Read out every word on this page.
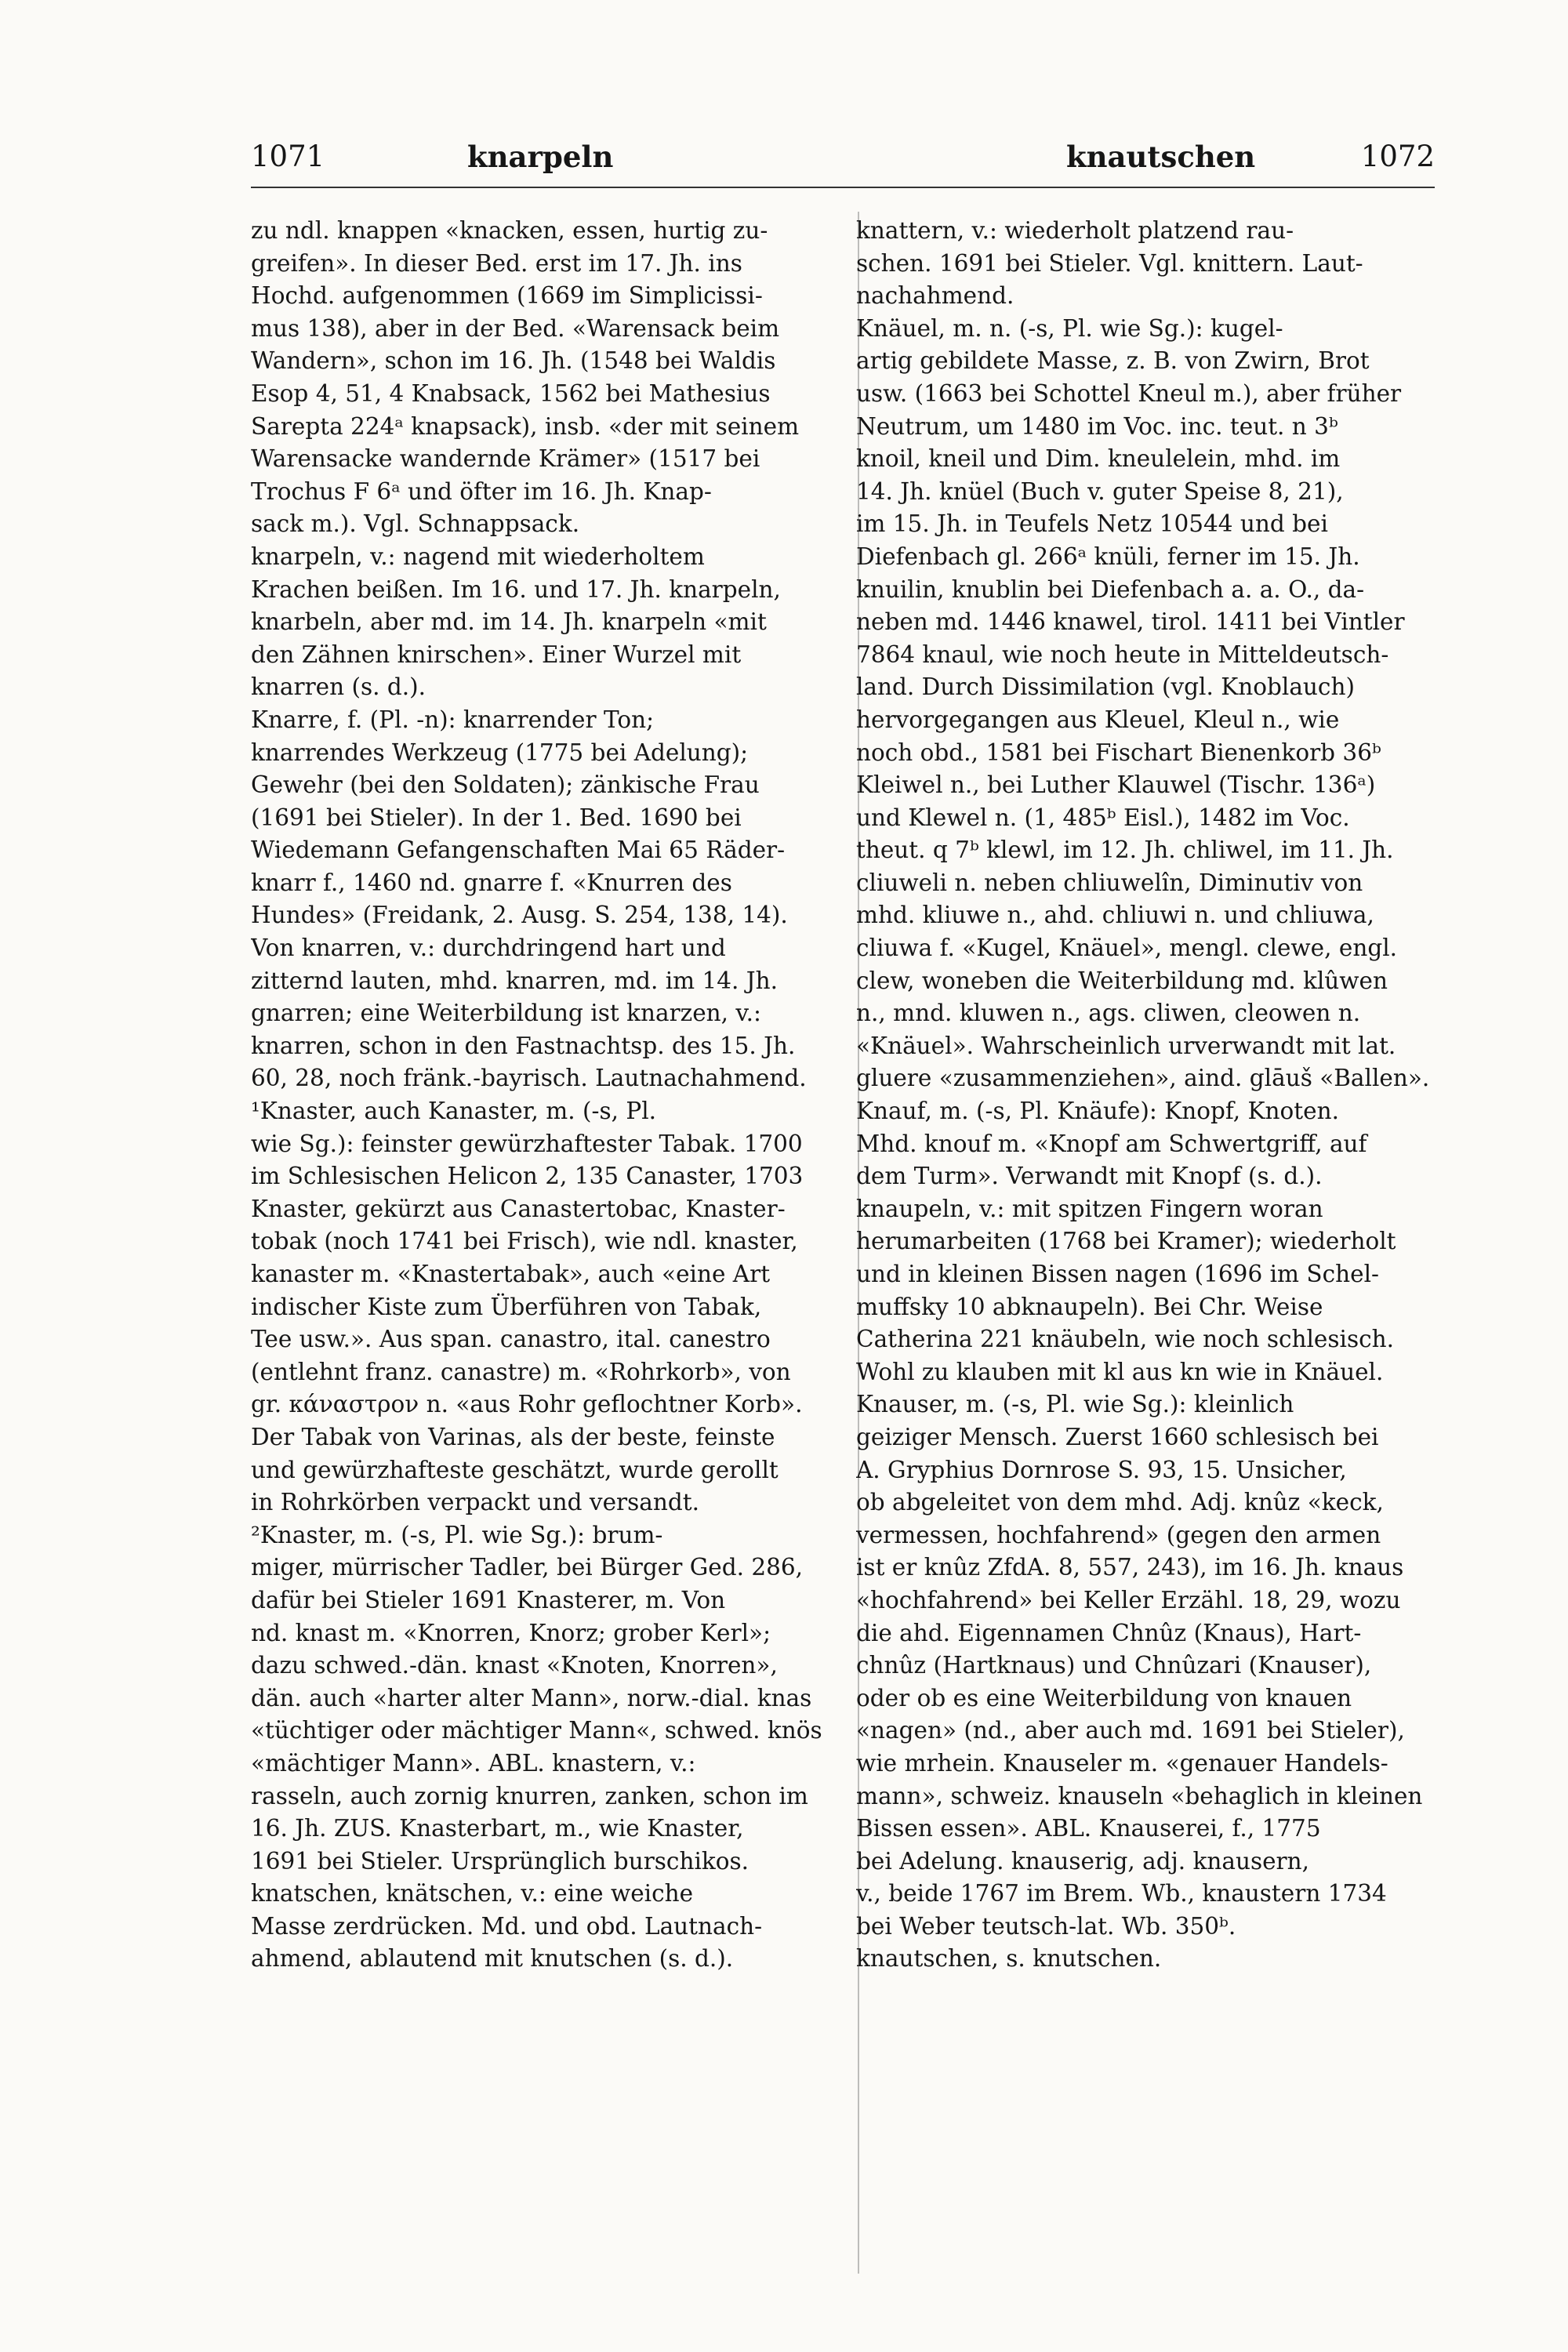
1071	knarpeln	knautschen	1072
zu ndl. knappen «knacken, essen, hurtig zu-
greifen». In dieser Bed. erst im 17. Jh. ins
Hochd. aufgenommen (1669 im Simplicissi-
mus 138), aber in der Bed. «Warensack beim
Wandern», schon im 16. Jh. (1548 bei Waldis
Esop 4, 51, 4 Knabsack, 1562 bei Mathesius
Sarepta 224ᵃ knapsack), insb. «der mit seinem
Warensacke wandernde Krämer» (1517 bei
Trochus F 6ᵃ und öfter im 16. Jh. Knap-
sack m.). Vgl. Schnappsack.
knarpeln, v.: nagend mit wiederholtem
Krachen beißen. Im 16. und 17. Jh. knarpeln,
knarbeln, aber md. im 14. Jh. knarpeln «mit
den Zähnen knirschen». Einer Wurzel mit
knarren (s. d.).
Knarre, f. (Pl. -n): knarrender Ton;
knarrendes Werkzeug (1775 bei Adelung);
Gewehr (bei den Soldaten); zänkische Frau
(1691 bei Stieler). In der 1. Bed. 1690 bei
Wiedemann Gefangenschaften Mai 65 Räder-
knarr f., 1460 nd. gnarre f. «Knurren des
Hundes» (Freidank, 2. Ausg. S. 254, 138, 14).
Von knarren, v.: durchdringend hart und
zitternd lauten, mhd. knarren, md. im 14. Jh.
gnarren; eine Weiterbildung ist knarzen, v.:
knarren, schon in den Fastnachtsp. des 15. Jh.
60, 28, noch fränk.-bayrisch. Lautnachahmend.
¹Knaster, auch Kanaster, m. (-s, Pl.
wie Sg.): feinster gewürzhaftester Tabak. 1700
im Schlesischen Helicon 2, 135 Canaster, 1703
Knaster, gekürzt aus Canastertobac, Knaster-
tobak (noch 1741 bei Frisch), wie ndl. knaster,
kanaster m. «Knastertabak», auch «eine Art
indischer Kiste zum Überführen von Tabak,
Tee usw.». Aus span. canastro, ital. canestro
(entlehnt franz. canastre) m. «Rohrkorb», von
gr. κάναστρον n. «aus Rohr geflochtner Korb».
Der Tabak von Varinas, als der beste, feinste
und gewürzhafteste geschätzt, wurde gerollt
in Rohrkörben verpackt und versandt.
²Knaster, m. (-s, Pl. wie Sg.): brum-
miger, mürrischer Tadler, bei Bürger Ged. 286,
dafür bei Stieler 1691 Knasterer, m. Von
nd. knast m. «Knorren, Knorz; grober Kerl»;
dazu schwed.-dän. knast «Knoten, Knorren»,
dän. auch «harter alter Mann», norw.-dial. knas
«tüchtiger oder mächtiger Mann«, schwed. knös
«mächtiger Mann». ABL. knastern, v.:
rasseln, auch zornig knurren, zanken, schon im
16. Jh. ZUS. Knasterbart, m., wie Knaster,
1691 bei Stieler. Ursprünglich burschikos.
knatschen, knätschen, v.: eine weiche
Masse zerdrücken. Md. und obd. Lautnach-
ahmend, ablautend mit knutschen (s. d.).
knattern, v.: wiederholt platzend rau-
schen. 1691 bei Stieler. Vgl. knittern. Laut-
nachahmend.
Knäuel, m. n. (-s, Pl. wie Sg.): kugel-
artig gebildete Masse, z. B. von Zwirn, Brot
usw. (1663 bei Schottel Kneul m.), aber früher
Neutrum, um 1480 im Voc. inc. teut. n 3ᵇ
knoil, kneil und Dim. kneulelein, mhd. im
14. Jh. knüel (Buch v. guter Speise 8, 21),
im 15. Jh. in Teufels Netz 10544 und bei
Diefenbach gl. 266ᵃ knüli, ferner im 15. Jh.
knuilin, knublin bei Diefenbach a. a. O., da-
neben md. 1446 knawel, tirol. 1411 bei Vintler
7864 knaul, wie noch heute in Mitteldeutsch-
land. Durch Dissimilation (vgl. Knoblauch)
hervorgegangen aus Kleuel, Kleul n., wie
noch obd., 1581 bei Fischart Bienenkorb 36ᵇ
Kleiwel n., bei Luther Klauwel (Tischr. 136ᵃ)
und Klewel n. (1, 485ᵇ Eisl.), 1482 im Voc.
theut. q 7ᵇ klewl, im 12. Jh. chliwel, im 11. Jh.
cliuweli n. neben chliuwelîn, Diminutiv von
mhd. kliuwe n., ahd. chliuwi n. und chliuwa,
cliuwa f. «Kugel, Knäuel», mengl. clewe, engl.
clew, woneben die Weiterbildung md. klûwen
n., mnd. kluwen n., ags. cliwen, cleowen n.
«Knäuel». Wahrscheinlich urverwandt mit lat.
gluere «zusammenziehen», aind. glāuš «Ballen».
Knauf, m. (-s, Pl. Knäufe): Knopf, Knoten.
Mhd. knouf m. «Knopf am Schwertgriff, auf
dem Turm». Verwandt mit Knopf (s. d.).
knaupeln, v.: mit spitzen Fingern woran
herumarbeiten (1768 bei Kramer); wiederholt
und in kleinen Bissen nagen (1696 im Schel-
muffsky 10 abknaupeln). Bei Chr. Weise
Catherina 221 knäubeln, wie noch schlesisch.
Wohl zu klauben mit kl aus kn wie in Knäuel.
Knauser, m. (-s, Pl. wie Sg.): kleinlich
geiziger Mensch. Zuerst 1660 schlesisch bei
A. Gryphius Dornrose S. 93, 15. Unsicher,
ob abgeleitet von dem mhd. Adj. knûz «keck,
vermessen, hochfahrend» (gegen den armen
ist er knûz ZfdA. 8, 557, 243), im 16. Jh. knaus
«hochfahrend» bei Keller Erzähl. 18, 29, wozu
die ahd. Eigennamen Chnûz (Knaus), Hart-
chnûz (Hartknaus) und Chnûzari (Knauser),
oder ob es eine Weiterbildung von knauen
«nagen» (nd., aber auch md. 1691 bei Stieler),
wie mrhein. Knauseler m. «genauer Handels-
mann», schweiz. knauseln «behaglich in kleinen
Bissen essen». ABL. Knauserei, f., 1775
bei Adelung. knauserig, adj. knausern,
v., beide 1767 im Brem. Wb., knaustern 1734
bei Weber teutsch-lat. Wb. 350ᵇ.
knautschen, s. knutschen.
